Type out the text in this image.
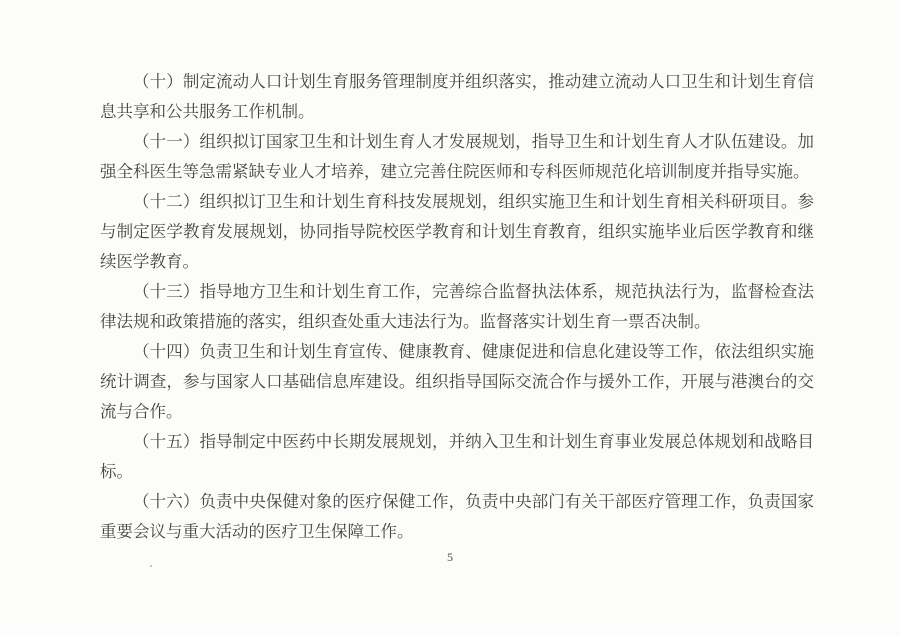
（十）制定流动人口计划生育服务管理制度并组织落实，推动建立流动人口卫生和计划生育信息共享和公共服务工作机制。

（十一）组织拟订国家卫生和计划生育人才发展规划，指导卫生和计划生育人才队伍建设。加强全科医生等急需紧缺专业人才培养，建立完善住院医师和专科医师规范化培训制度并指导实施。

（十二）组织拟订卫生和计划生育科技发展规划，组织实施卫生和计划生育相关科研项目。参与制定医学教育发展规划，协同指导院校医学教育和计划生育教育，组织实施毕业后医学教育和继续医学教育。

（十三）指导地方卫生和计划生育工作，完善综合监督执法体系，规范执法行为，监督检查法律法规和政策措施的落实，组织查处重大违法行为。监督落实计划生育一票否决制。

（十四）负责卫生和计划生育宣传、健康教育、健康促进和信息化建设等工作，依法组织实施统计调查，参与国家人口基础信息库建设。组织指导国际交流合作与援外工作，开展与港澳台的交流与合作。

（十五）指导制定中医药中长期发展规划，并纳入卫生和计划生育事业发展总体规划和战略目标。

（十六）负责中央保健对象的医疗保健工作，负责中央部门有关干部医疗管理工作，负责国家重要会议与重大活动的医疗卫生保障工作。

5
